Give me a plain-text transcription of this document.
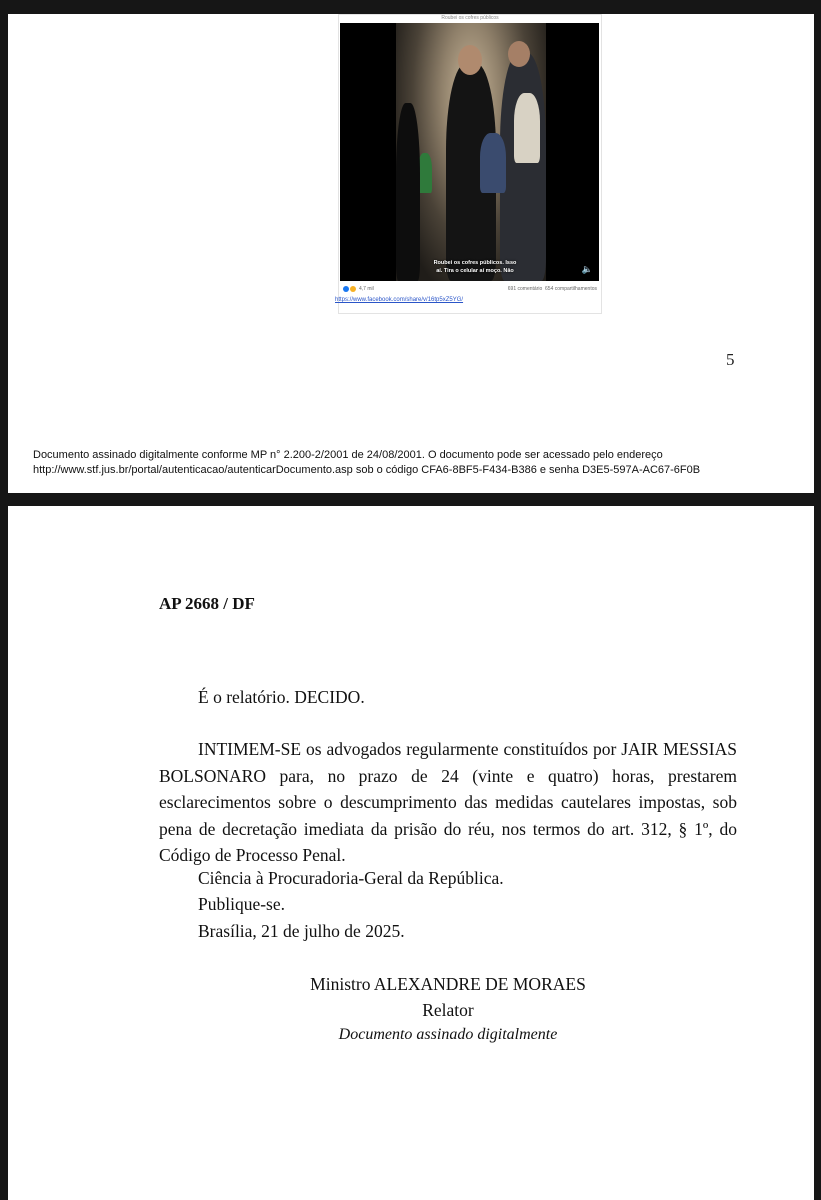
Roubei os cofres públicos
Roubei os cofres públicos. Isso aí. Tira o celular aí moço. Não	🔈
4,7 mil	691 comentário 654 compartilhamentos
https://www.facebook.com/share/v/16tp5xZ5YG/
5
Documento assinado digitalmente conforme MP n° 2.200-2/2001 de 24/08/2001. O documento pode ser acessado pelo endereço
http://www.stf.jus.br/portal/autenticacao/autenticarDocumento.asp sob o código CFA6-8BF5-F434-B386 e senha D3E5-597A-AC67-6F0B
AP 2668 / DF
É o relatório. DECIDO.
INTIMEM-SE os advogados regularmente constituídos por JAIR MESSIAS BOLSONARO para, no prazo de 24 (vinte e quatro) horas, prestarem esclarecimentos sobre o descumprimento das medidas cautelares impostas, sob pena de decretação imediata da prisão do réu, nos termos do art. 312, § 1º, do Código de Processo Penal.
Ciência à Procuradoria-Geral da República.
Publique-se.
Brasília, 21 de julho de 2025.
Ministro ALEXANDRE DE MORAES
Relator
Documento assinado digitalmente
